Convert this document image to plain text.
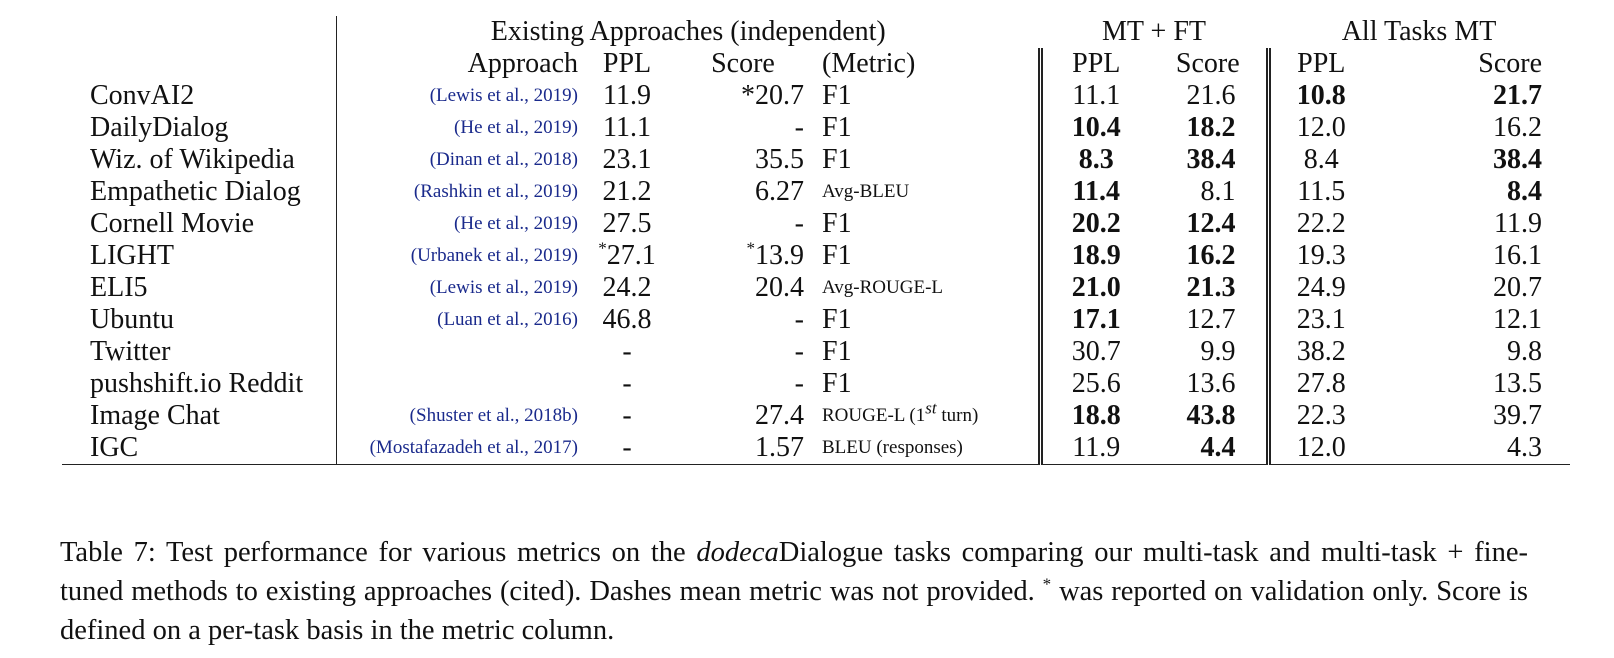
	Existing Approaches (independent)				MT + FT		All Tasks MT	
	Approach	PPL	Score	(Metric)	PPL	Score	PPL	Score
ConvAI2	(Lewis et al., 2019)	11.9	*20.7	F1	11.1	21.6	10.8	21.7
DailyDialog	(He et al., 2019)	11.1	-	F1	10.4	18.2	12.0	16.2
Wiz. of Wikipedia	(Dinan et al., 2018)	23.1	35.5	F1	8.3	38.4	8.4	38.4
Empathetic Dialog	(Rashkin et al., 2019)	21.2	6.27	Avg-BLEU	11.4	8.1	11.5	8.4
Cornell Movie	(He et al., 2019)	27.5	-	F1	20.2	12.4	22.2	11.9
LIGHT	(Urbanek et al., 2019)	*27.1	*13.9	F1	18.9	16.2	19.3	16.1
ELI5	(Lewis et al., 2019)	24.2	20.4	Avg-ROUGE-L	21.0	21.3	24.9	20.7
Ubuntu	(Luan et al., 2016)	46.8	-	F1	17.1	12.7	23.1	12.1
Twitter		-	-	F1	30.7	9.9	38.2	9.8
pushshift.io Reddit		-	-	F1	25.6	13.6	27.8	13.5
Image Chat	(Shuster et al., 2018b)	-	27.4	ROUGE-L (1st turn)	18.8	43.8	22.3	39.7
IGC	(Mostafazadeh et al., 2017)	-	1.57	BLEU (responses)	11.9	4.4	12.0	4.3

Table 7: Test performance for various metrics on the dodecaDialogue tasks comparing our multi-task and multi-task + fine-tuned methods to existing approaches (cited). Dashes mean metric was not provided. * was reported on validation only. Score is defined on a per-task basis in the metric column.
